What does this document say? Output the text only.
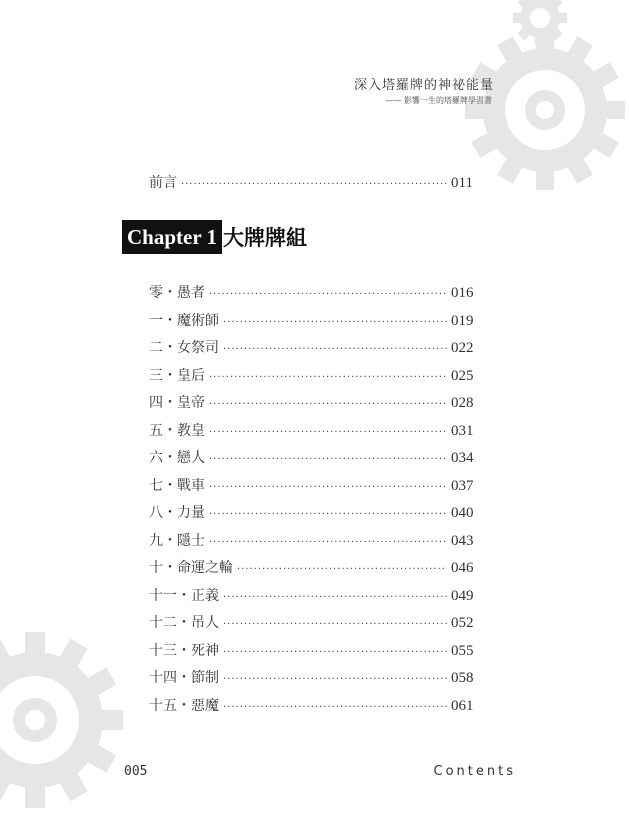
深入塔羅牌的神祕能量
—— 影響一生的塔羅牌學習書
前言 ·····	011
Chapter 1 大牌牌組
零・愚者 ·····	016
一・魔術師 ·····	019
二・女祭司 ·····	022
三・皇后 ·····	025
四・皇帝 ·····	028
五・教皇 ·····	031
六・戀人 ·····	034
七・戰車 ·····	037
八・力量 ·····	040
九・隱士 ·····	043
十・命運之輪 ·····	046
十一・正義 ·····	049
十二・吊人 ·····	052
十三・死神 ·····	055
十四・節制 ·····	058
十五・惡魔 ·····	061
005	Contents
